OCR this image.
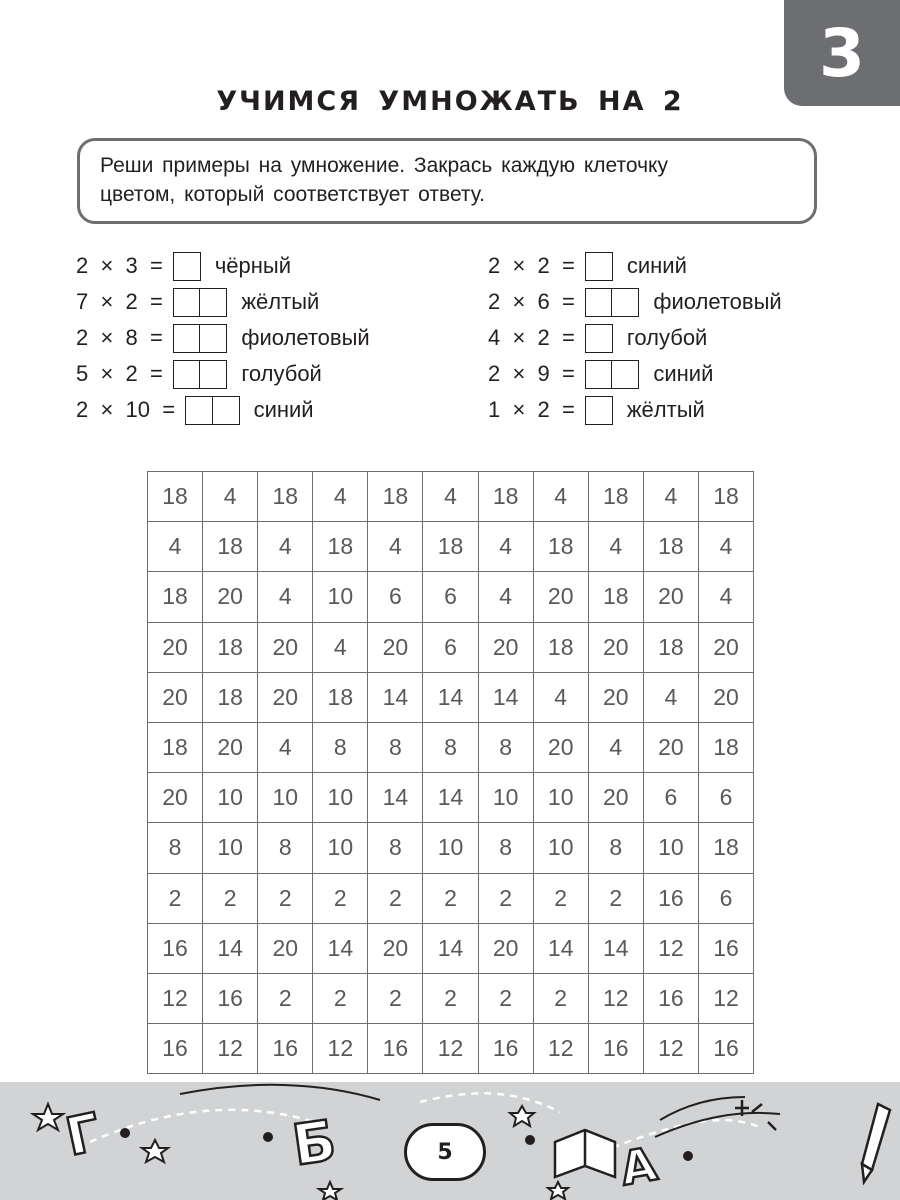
3
УЧИМСЯ УМНОЖАТЬ НА 2
Реши примеры на умножение. Закрась каждую клеточку
цветом, который соответствует ответу.
2  ×  3  = чёрный
7  ×  2  =	жёлтый
2  ×  8  =	фиолетовый
5  ×  2  =	голубой
2  ×  10  =	синий
2  ×  2  = синий
2  ×  6  =	фиолетовый
4  ×  2  = голубой
2  ×  9  =	синий
1  ×  2  = жёлтый
18	4	18	4	18	4	18	4	18	4	18
4	18	4	18	4	18	4	18	4	18	4
18	20	4	10	6	6	4	20	18	20	4
20	18	20	4	20	6	20	18	20	18	20
20	18	20	18	14	14	14	4	20	4	20
18	20	4	8	8	8	8	20	4	20	18
20	10	10	10	14	14	10	10	20	6	6
8	10	8	10	8	10	8	10	8	10	18
2	2	2	2	2	2	2	2	2	16	6
16	14	20	14	20	14	20	14	14	12	16
12	16	2	2	2	2	2	2	12	16	12
16	12	16	12	16	12	16	12	16	12	16
Г	Б	А
5
